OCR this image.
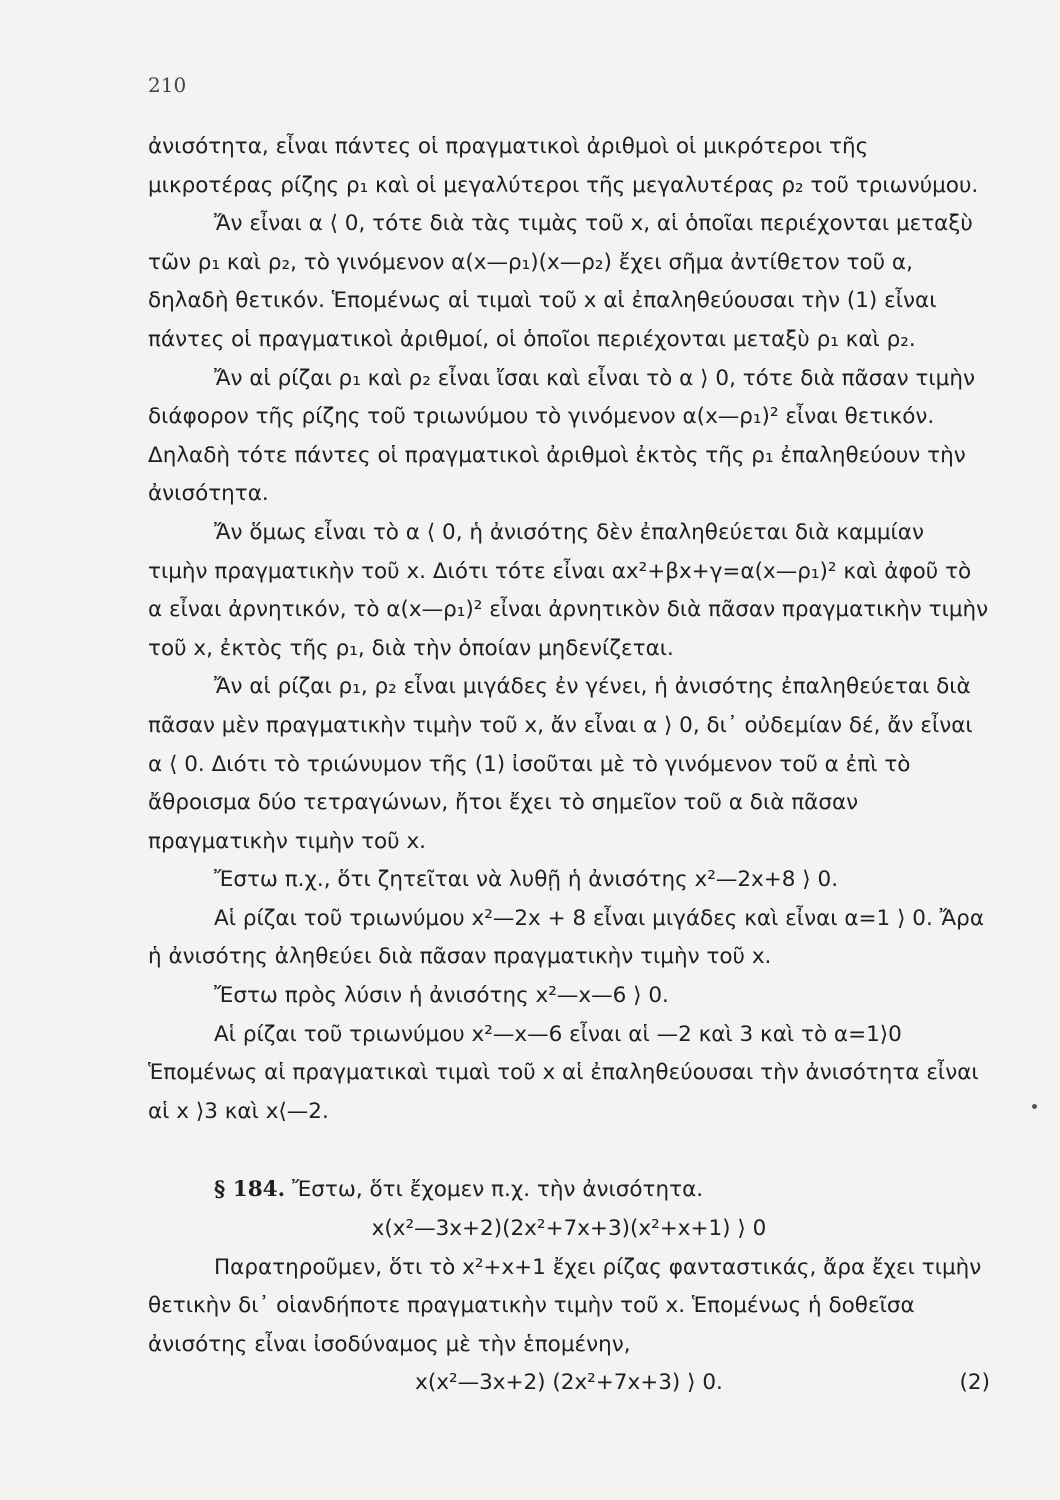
210

ἀνισότητα, εἶναι πάντες οἱ πραγματικοὶ ἀριθμοὶ οἱ μικρότεροι τῆς μικροτέρας ρίζης ρ₁ καὶ οἱ μεγαλύτεροι τῆς μεγαλυτέρας ρ₂ τοῦ τριωνύμου.

Ἄν εἶναι α ⟨ 0, τότε διὰ τὰς τιμὰς τοῦ x, αἱ ὁποῖαι περιέχονται μεταξὺ τῶν ρ₁ καὶ ρ₂, τὸ γινόμενον α(x—ρ₁)(x—ρ₂) ἔχει σῆμα ἀντίθετον τοῦ α, δηλαδὴ θετικόν. Ἑπομένως αἱ τιμαὶ τοῦ x αἱ ἐπαληθεύουσαι τὴν (1) εἶναι πάντες οἱ πραγματικοὶ ἀριθμοί, οἱ ὁποῖοι περιέχονται μεταξὺ ρ₁ καὶ ρ₂.

Ἄν αἱ ρίζαι ρ₁ καὶ ρ₂ εἶναι ἴσαι καὶ εἶναι τὸ α ⟩ 0, τότε διὰ πᾶσαν τιμὴν διάφορον τῆς ρίζης τοῦ τριωνύμου τὸ γινόμενον α(x—ρ₁)² εἶναι θετικόν. Δηλαδὴ τότε πάντες οἱ πραγματικοὶ ἀριθμοὶ ἐκτὸς τῆς ρ₁ ἐπαληθεύουν τὴν ἀνισότητα.

Ἄν ὅμως εἶναι τὸ α ⟨ 0, ἡ ἀνισότης δὲν ἐπαληθεύεται διὰ καμμίαν τιμὴν πραγματικὴν τοῦ x. Διότι τότε εἶναι αx²+βx+γ=α(x—ρ₁)² καὶ ἀφοῦ τὸ α εἶναι ἀρνητικόν, τὸ α(x—ρ₁)² εἶναι ἀρνητικὸν διὰ πᾶσαν πραγματικὴν τιμὴν τοῦ x, ἐκτὸς τῆς ρ₁, διὰ τὴν ὁποίαν μηδενίζεται.

Ἄν αἱ ρίζαι ρ₁, ρ₂ εἶναι μιγάδες ἐν γένει, ἡ ἀνισότης ἐπαληθεύεται διὰ πᾶσαν μὲν πραγματικὴν τιμὴν τοῦ x, ἄν εἶναι α ⟩ 0, δι᾽ οὐδεμίαν δέ, ἄν εἶναι α ⟨ 0. Διότι τὸ τριώνυμον τῆς (1) ἰσοῦται μὲ τὸ γινόμενον τοῦ α ἐπὶ τὸ ἄθροισμα δύο τετραγώνων, ἤτοι ἔχει τὸ σημεῖον τοῦ α διὰ πᾶσαν πραγματικὴν τιμὴν τοῦ x.

Ἔστω π.χ., ὅτι ζητεῖται νὰ λυθῇ ἡ ἀνισότης x²—2x+8 ⟩ 0.

Αἱ ρίζαι τοῦ τριωνύμου x²—2x + 8 εἶναι μιγάδες καὶ εἶναι α=1 ⟩ 0. Ἄρα ἡ ἀνισότης ἀληθεύει διὰ πᾶσαν πραγματικὴν τιμὴν τοῦ x.

Ἔστω πρὸς λύσιν ἡ ἀνισότης x²—x—6 ⟩ 0.

Αἱ ρίζαι τοῦ τριωνύμου x²—x—6 εἶναι αἱ —2 καὶ 3 καὶ τὸ α=1⟩0 Ἑπομένως αἱ πραγματικαὶ τιμαὶ τοῦ x αἱ ἐπαληθεύουσαι τὴν ἀνισότητα εἶναι αἱ x ⟩3 καὶ x⟨—2.

§ 184. Ἔστω, ὅτι ἔχομεν π.χ. τὴν ἀνισότητα.

x(x²—3x+2)(2x²+7x+3)(x²+x+1) ⟩ 0

Παρατηροῦμεν, ὅτι τὸ x²+x+1 ἔχει ρίζας φανταστικάς, ἄρα ἔχει τιμὴν θετικὴν δι᾽ οἱανδήποτε πραγματικὴν τιμὴν τοῦ x. Ἑπομένως ἡ δοθεῖσα ἀνισότης εἶναι ἰσοδύναμος μὲ τὴν ἑπομένην,

x(x²—3x+2) (2x²+7x+3) ⟩ 0.	(2)
